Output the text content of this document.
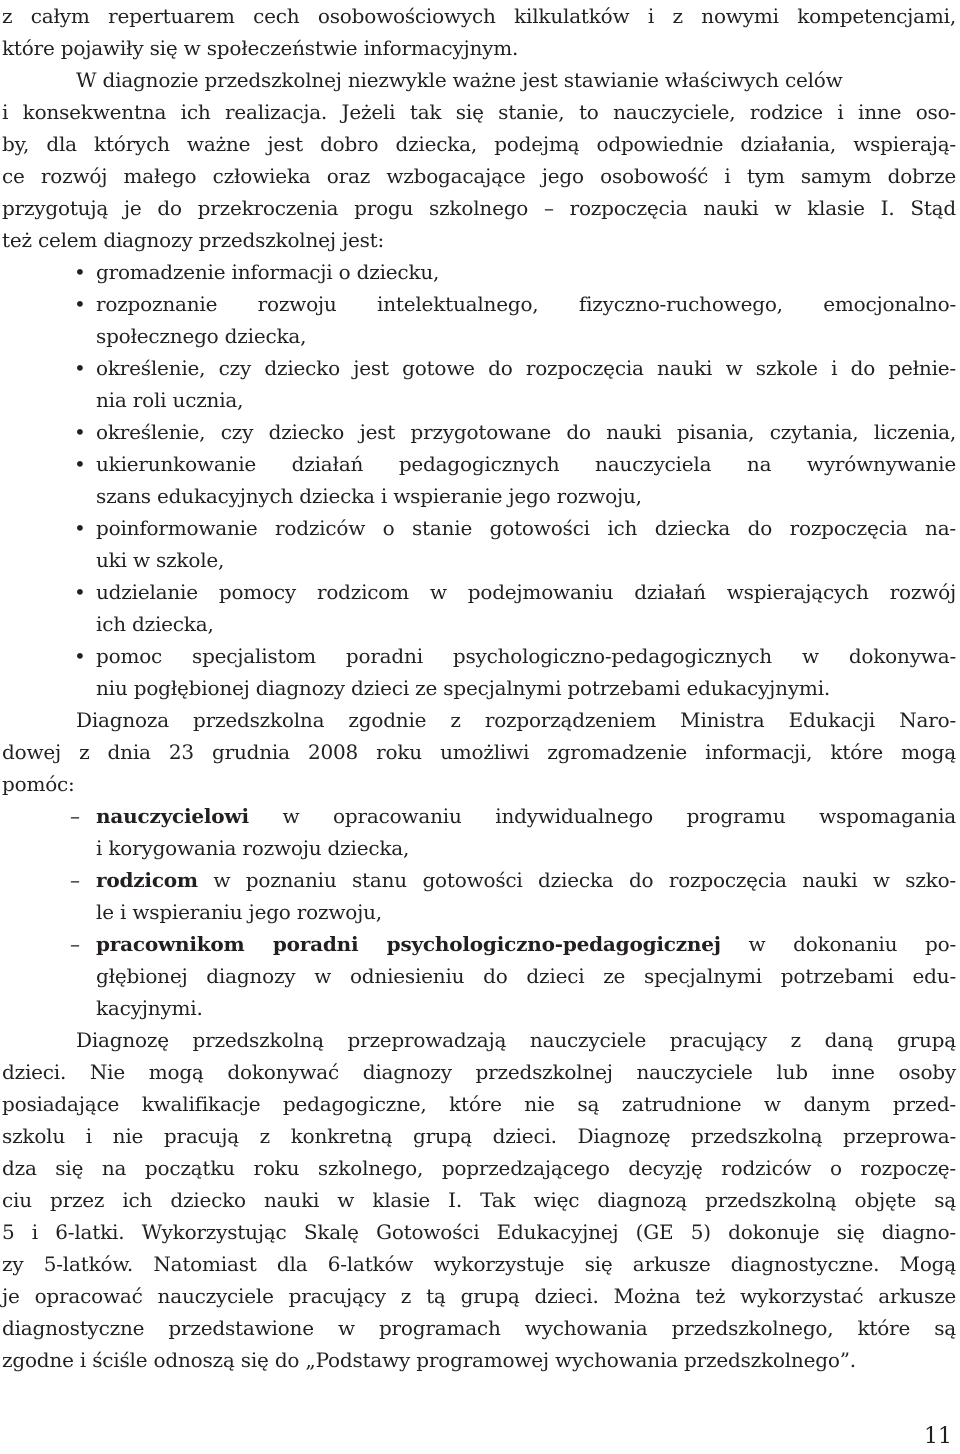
z całym repertuarem cech osobowościowych kilkulatków i z nowymi kompetencjami,
które pojawiły się w społeczeństwie informacyjnym.
W diagnozie przedszkolnej niezwykle ważne jest stawianie właściwych celów
i konsekwentna ich realizacja. Jeżeli tak się stanie, to nauczyciele, rodzice i inne oso-
by, dla których ważne jest dobro dziecka, podejmą odpowiednie działania, wspierają-
ce rozwój małego człowieka oraz wzbogacające jego osobowość i tym samym dobrze
przygotują je do przekroczenia progu szkolnego – rozpoczęcia nauki w klasie I. Stąd
też celem diagnozy przedszkolnej jest:
• gromadzenie informacji o dziecku,
• rozpoznanie rozwoju intelektualnego, fizyczno-ruchowego, emocjonalno-
społecznego dziecka,
• określenie, czy dziecko jest gotowe do rozpoczęcia nauki w szkole i do pełnie-
nia roli ucznia,
• określenie, czy dziecko jest przygotowane do nauki pisania, czytania, liczenia,
• ukierunkowanie działań pedagogicznych nauczyciela na wyrównywanie
szans edukacyjnych dziecka i wspieranie jego rozwoju,
• poinformowanie rodziców o stanie gotowości ich dziecka do rozpoczęcia na-
uki w szkole,
• udzielanie pomocy rodzicom w podejmowaniu działań wspierających rozwój
ich dziecka,
• pomoc specjalistom poradni psychologiczno-pedagogicznych w dokonywa-
niu pogłębionej diagnozy dzieci ze specjalnymi potrzebami edukacyjnymi.
Diagnoza przedszkolna zgodnie z rozporządzeniem Ministra Edukacji Naro-
dowej z dnia 23 grudnia 2008 roku umożliwi zgromadzenie informacji, które mogą
pomóc:
– nauczycielowi w opracowaniu indywidualnego programu wspomagania
i korygowania rozwoju dziecka,
– rodzicom w poznaniu stanu gotowości dziecka do rozpoczęcia nauki w szko-
le i wspieraniu jego rozwoju,
– pracownikom poradni psychologiczno-pedagogicznej w dokonaniu po-
głębionej diagnozy w odniesieniu do dzieci ze specjalnymi potrzebami edu-
kacyjnymi.
Diagnozę przedszkolną przeprowadzają nauczyciele pracujący z daną grupą
dzieci. Nie mogą dokonywać diagnozy przedszkolnej nauczyciele lub inne osoby
posiadające kwalifikacje pedagogiczne, które nie są zatrudnione w danym przed-
szkolu i nie pracują z konkretną grupą dzieci. Diagnozę przedszkolną przeprowa-
dza się na początku roku szkolnego, poprzedzającego decyzję rodziców o rozpoczę-
ciu przez ich dziecko nauki w klasie I. Tak więc diagnozą przedszkolną objęte są
5 i 6-latki. Wykorzystując Skalę Gotowości Edukacyjnej (GE 5) dokonuje się diagno-
zy 5-latków. Natomiast dla 6-latków wykorzystuje się arkusze diagnostyczne. Mogą
je opracować nauczyciele pracujący z tą grupą dzieci. Można też wykorzystać arkusze
diagnostyczne przedstawione w programach wychowania przedszkolnego, które są
zgodne i ściśle odnoszą się do „Podstawy programowej wychowania przedszkolnego”.
11
